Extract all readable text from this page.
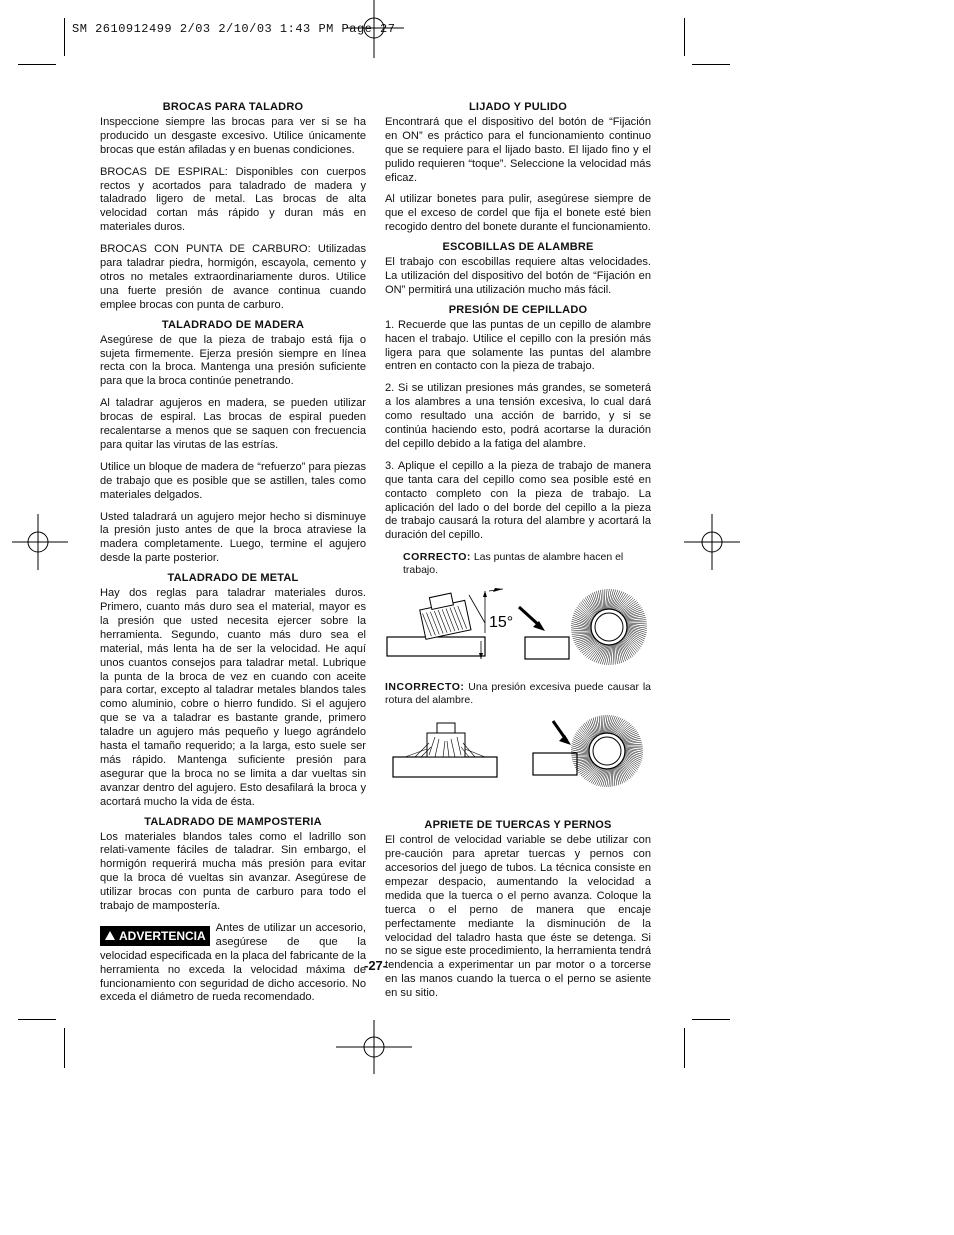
SM 2610912499 2/03 2/10/03 1:43 PM Page 27
BROCAS PARA TALADRO

Inspeccione siempre las brocas para ver si se ha producido un desgaste excesivo. Utilice únicamente brocas que están afiladas y en buenas condiciones.

BROCAS DE ESPIRAL: Disponibles con cuerpos rectos y acortados para taladrado de madera y taladrado ligero de metal. Las brocas de alta velocidad cortan más rápido y duran más en materiales duros.

BROCAS CON PUNTA DE CARBURO: Utilizadas para taladrar piedra, hormigón, escayola, cemento y otros no metales extraordinariamente duros. Utilice una fuerte presión de avance continua cuando emplee brocas con punta de carburo.

TALADRADO DE MADERA

Asegúrese de que la pieza de trabajo está fija o sujeta firmemente. Ejerza presión siempre en línea recta con la broca. Mantenga una presión suficiente para que la broca continúe penetrando.

Al taladrar agujeros en madera, se pueden utilizar brocas de espiral. Las brocas de espiral pueden recalentarse a menos que se saquen con frecuencia para quitar las virutas de las estrías.

Utilice un bloque de madera de “refuerzo” para piezas de trabajo que es posible que se astillen, tales como materiales delgados.

Usted taladrará un agujero mejor hecho si disminuye la presión justo antes de que la broca atraviese la madera completamente. Luego, termine el agujero desde la parte posterior.

TALADRADO DE METAL

Hay dos reglas para taladrar materiales duros. Primero, cuanto más duro sea el material, mayor es la presión que usted necesita ejercer sobre la herramienta. Segundo, cuanto más duro sea el material, más lenta ha de ser la velocidad. He aquí unos cuantos consejos para taladrar metal. Lubrique la punta de la broca de vez en cuando con aceite para cortar, excepto al taladrar metales blandos tales como aluminio, cobre o hierro fundido. Si el agujero que se va a taladrar es bastante grande, primero taladre un agujero más pequeño y luego agrándelo hasta el tamaño requerido; a la larga, esto suele ser más rápido. Mantenga suficiente presión para asegurar que la broca no se limita a dar vueltas sin avanzar dentro del agujero. Esto desafilará la broca y acortará mucho la vida de ésta.

TALADRADO DE MAMPOSTERIA

Los materiales blandos tales como el ladrillo son relati-vamente fáciles de taladrar. Sin embargo, el hormigón requerirá mucha más presión para evitar que la broca dé vueltas sin avanzar. Asegúrese de utilizar brocas con punta de carburo para todo el trabajo de mampostería.

ADVERTENCIA

Antes de utilizar un accesorio, asegúrese de que la velocidad especificada en la placa del fabricante de la herramienta no exceda la velocidad máxima de funcionamiento con seguridad de dicho accesorio. No exceda el diámetro de rueda recomendado.

LIJADO Y PULIDO

Encontrará que el dispositivo del botón de “Fijación en ON” es práctico para el funcionamiento continuo que se requiere para el lijado basto. El lijado fino y el pulido requieren “toque”. Seleccione la velocidad más eficaz.

Al utilizar bonetes para pulir, asegúrese siempre de que el exceso de cordel que fija el bonete esté bien recogido dentro del bonete durante el funcionamiento.

ESCOBILLAS DE ALAMBRE

El trabajo con escobillas requiere altas velocidades. La utilización del dispositivo del botón de “Fijación en ON” permitirá una utilización mucho más fácil.

PRESIÓN DE CEPILLADO

1. Recuerde que las puntas de un cepillo de alambre hacen el trabajo. Utilice el cepillo con la presión más ligera para que solamente las puntas del alambre entren en contacto con la pieza de trabajo.

2. Si se utilizan presiones más grandes, se someterá a los alambres a una tensión excesiva, lo cual dará como resultado una acción de barrido, y si se continúa haciendo esto, podrá acortarse la duración del cepillo debido a la fatiga del alambre.

3. Aplique el cepillo a la pieza de trabajo de manera que tanta cara del cepillo como sea posible esté en contacto completo con la pieza de trabajo. La aplicación del lado o del borde del cepillo a la pieza de trabajo causará la rotura del alambre y acortará la duración del cepillo.

CORRECTO: Las puntas de alambre hacen el trabajo.
15°
INCORRECTO: Una presión excesiva puede causar la rotura del alambre.
APRIETE DE TUERCAS Y PERNOS

El control de velocidad variable se debe utilizar con pre-caución para apretar tuercas y pernos con accesorios del juego de tubos. La técnica consiste en empezar despacio, aumentando la velocidad a medida que la tuerca o el perno avanza. Coloque la tuerca o el perno de manera que encaje perfectamente mediante la disminución de la velocidad del taladro hasta que éste se detenga. Si no se sigue este procedimiento, la herramienta tendrá tendencia a experimentar un par motor o a torcerse en las manos cuando la tuerca o el perno se asiente en su sitio.

-27-
